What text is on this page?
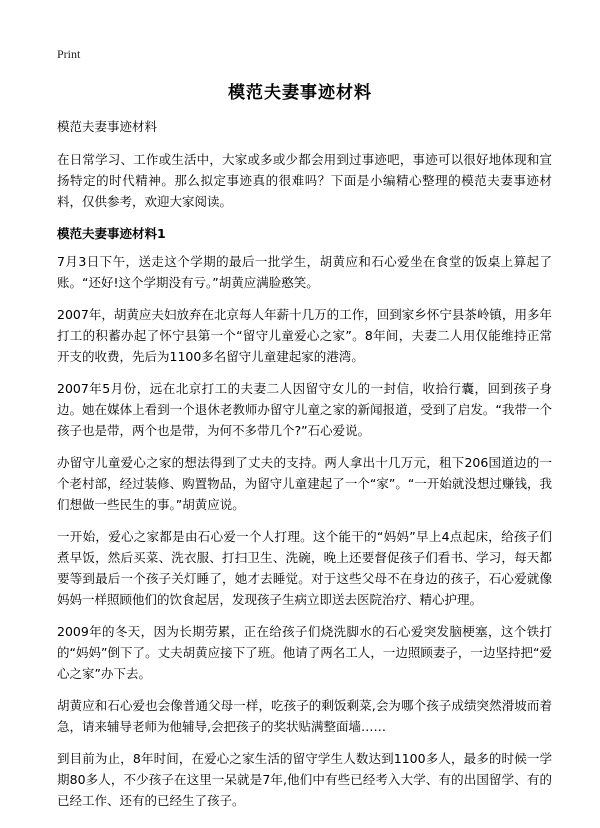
Print
模范夫妻事迹材料

模范夫妻事迹材料

在日常学习、工作或生活中，大家或多或少都会用到过事迹吧，事迹可以很好地体现和宣扬特定的时代精神。那么拟定事迹真的很难吗？下面是小编精心整理的模范夫妻事迹材料，仅供参考，欢迎大家阅读。

模范夫妻事迹材料1

7月3日下午，送走这个学期的最后一批学生，胡黄应和石心爱坐在食堂的饭桌上算起了账。“还好!这个学期没有亏。”胡黄应满脸憨笑。

2007年，胡黄应夫妇放弃在北京每人年薪十几万的工作，回到家乡怀宁县茶岭镇，用多年打工的积蓄办起了怀宁县第一个“留守儿童爱心之家”。8年间，夫妻二人用仅能维持正常开支的收费，先后为1100多名留守儿童建起家的港湾。

2007年5月份，远在北京打工的夫妻二人因留守女儿的一封信，收拾行囊，回到孩子身边。她在媒体上看到一个退休老教师办留守儿童之家的新闻报道，受到了启发。“我带一个孩子也是带，两个也是带，为何不多带几个?”石心爱说。

办留守儿童爱心之家的想法得到了丈夫的支持。两人拿出十几万元，租下206国道边的一个老村部，经过装修、购置物品，为留守儿童建起了一个“家”。“一开始就没想过赚钱，我们想做一些民生的事。”胡黄应说。

一开始，爱心之家都是由石心爱一个人打理。这个能干的“妈妈”早上4点起床，给孩子们煮早饭，然后买菜、洗衣服、打扫卫生、洗碗，晚上还要督促孩子们看书、学习，每天都要等到最后一个孩子关灯睡了，她才去睡觉。对于这些父母不在身边的孩子，石心爱就像妈妈一样照顾他们的饮食起居，发现孩子生病立即送去医院治疗、精心护理。

2009年的冬天，因为长期劳累，正在给孩子们烧洗脚水的石心爱突发脑梗塞，这个铁打的“妈妈”倒下了。丈夫胡黄应接下了班。他请了两名工人，一边照顾妻子，一边坚持把“爱心之家”办下去。

胡黄应和石心爱也会像普通父母一样，吃孩子的剩饭剩菜,会为哪个孩子成绩突然滑坡而着急，请来辅导老师为他辅导,会把孩子的奖状贴满整面墙……

到目前为止，8年时间，在爱心之家生活的留守学生人数达到1100多人，最多的时候一学期80多人，不少孩子在这里一呆就是7年,他们中有些已经考入大学、有的出国留学、有的已经工作、还有的已经生了孩子。
